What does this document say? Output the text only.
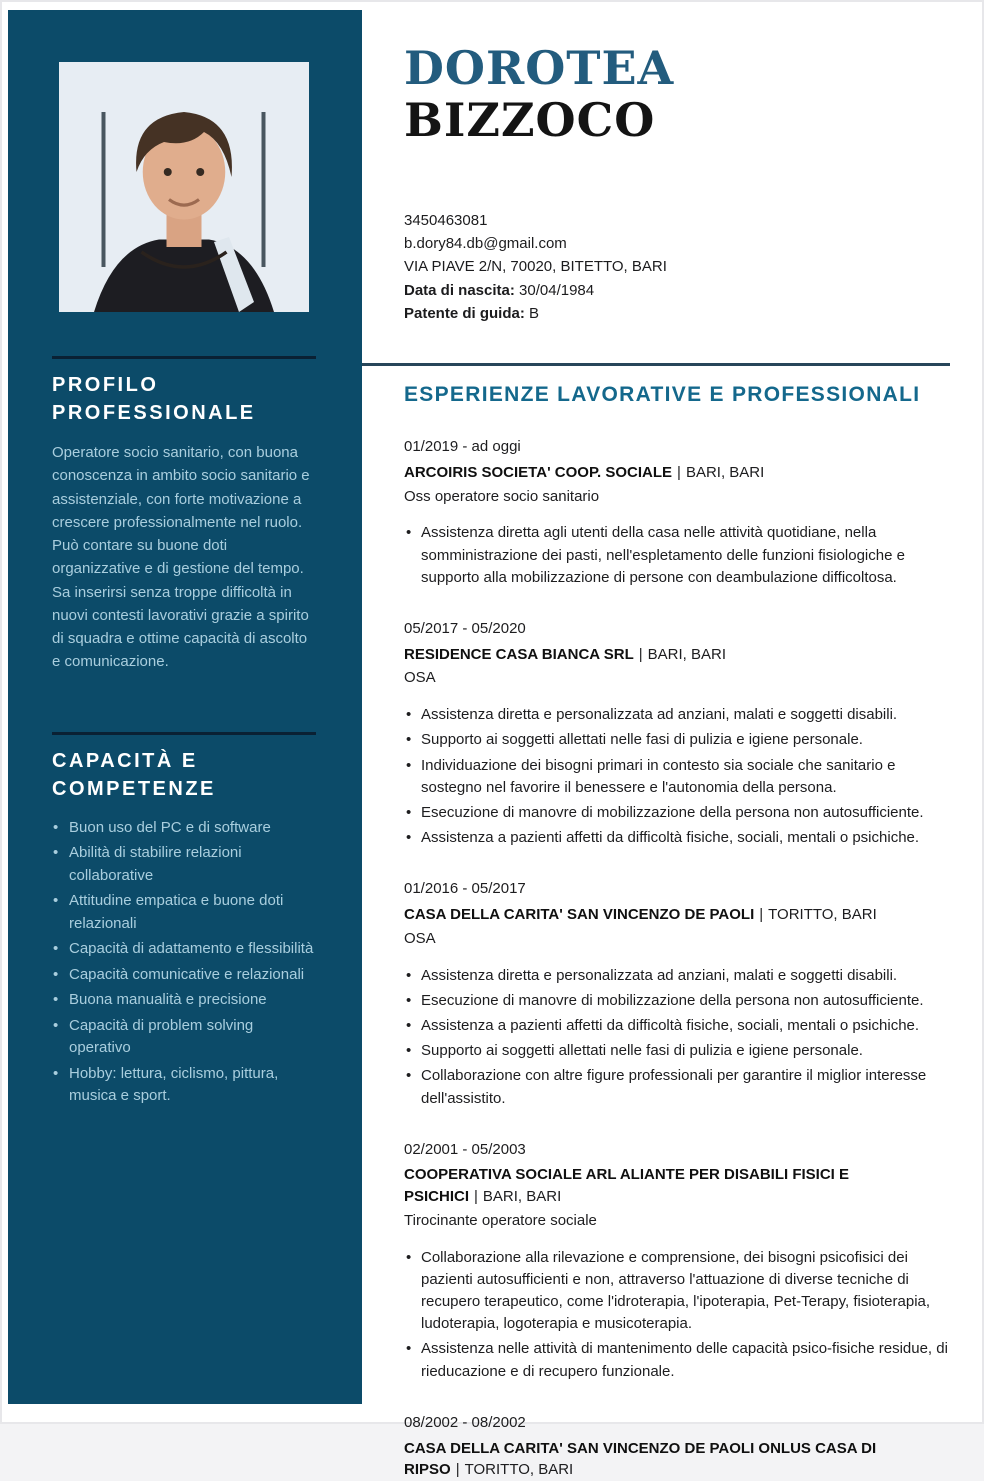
PROFILO PROFESSIONALE

Operatore socio sanitario, con buona conoscenza in ambito socio sanitario e assistenziale, con forte motivazione a crescere professionalmente nel ruolo. Può contare su buone doti organizzative e di gestione del tempo. Sa inserirsi senza troppe difficoltà in nuovi contesti lavorativi grazie a spirito di squadra e ottime capacità di ascolto e comunicazione.

CAPACITÀ E COMPETENZE
• Buon uso del PC e di software
• Abilità di stabilire relazioni collaborative
• Attitudine empatica e buone doti relazionali
• Capacità di adattamento e flessibilità
• Capacità comunicative e relazionali
• Buona manualità e precisione
• Capacità di problem solving operativo
• Hobby: lettura, ciclismo, pittura, musica e sport.
DOROTEA
BIZZOCO
3450463081
b.dory84.db@gmail.com
VIA PIAVE 2/N, 70020, BITETTO, BARI
Data di nascita: 30/04/1984
Patente di guida: B
ESPERIENZE LAVORATIVE E PROFESSIONALI
01/2019 - ad oggi
ARCOIRIS SOCIETA' COOP. SOCIALE | BARI, BARI
Oss operatore socio sanitario
• Assistenza diretta agli utenti della casa nelle attività quotidiane, nella somministrazione dei pasti, nell'espletamento delle funzioni fisiologiche e supporto alla mobilizzazione di persone con deambulazione difficoltosa.
05/2017 - 05/2020
RESIDENCE CASA BIANCA SRL | BARI, BARI
OSA
• Assistenza diretta e personalizzata ad anziani, malati e soggetti disabili.
• Supporto ai soggetti allettati nelle fasi di pulizia e igiene personale.
• Individuazione dei bisogni primari in contesto sia sociale che sanitario e sostegno nel favorire il benessere e l'autonomia della persona.
• Esecuzione di manovre di mobilizzazione della persona non autosufficiente.
• Assistenza a pazienti affetti da difficoltà fisiche, sociali, mentali o psichiche.
01/2016 - 05/2017
CASA DELLA CARITA' SAN VINCENZO DE PAOLI | TORITTO, BARI
OSA
• Assistenza diretta e personalizzata ad anziani, malati e soggetti disabili.
• Esecuzione di manovre di mobilizzazione della persona non autosufficiente.
• Assistenza a pazienti affetti da difficoltà fisiche, sociali, mentali o psichiche.
• Supporto ai soggetti allettati nelle fasi di pulizia e igiene personale.
• Collaborazione con altre figure professionali per garantire il miglior interesse dell'assistito.
02/2001 - 05/2003
COOPERATIVA SOCIALE ARL ALIANTE PER DISABILI FISICI E PSICHICI | BARI, BARI
Tirocinante operatore sociale
• Collaborazione alla rilevazione e comprensione, dei bisogni psicofisici dei pazienti autosufficienti e non, attraverso l'attuazione di diverse tecniche di recupero terapeutico, come l'idroterapia, l'ipoterapia, Pet-Terapy, fisioterapia, ludoterapia, logoterapia e musicoterapia.
• Assistenza nelle attività di mantenimento delle capacità psico-fisiche residue, di rieducazione e di recupero funzionale.
08/2002 - 08/2002
CASA DELLA CARITA' SAN VINCENZO DE PAOLI ONLUS CASA DI RIPSO | TORITTO, BARI
